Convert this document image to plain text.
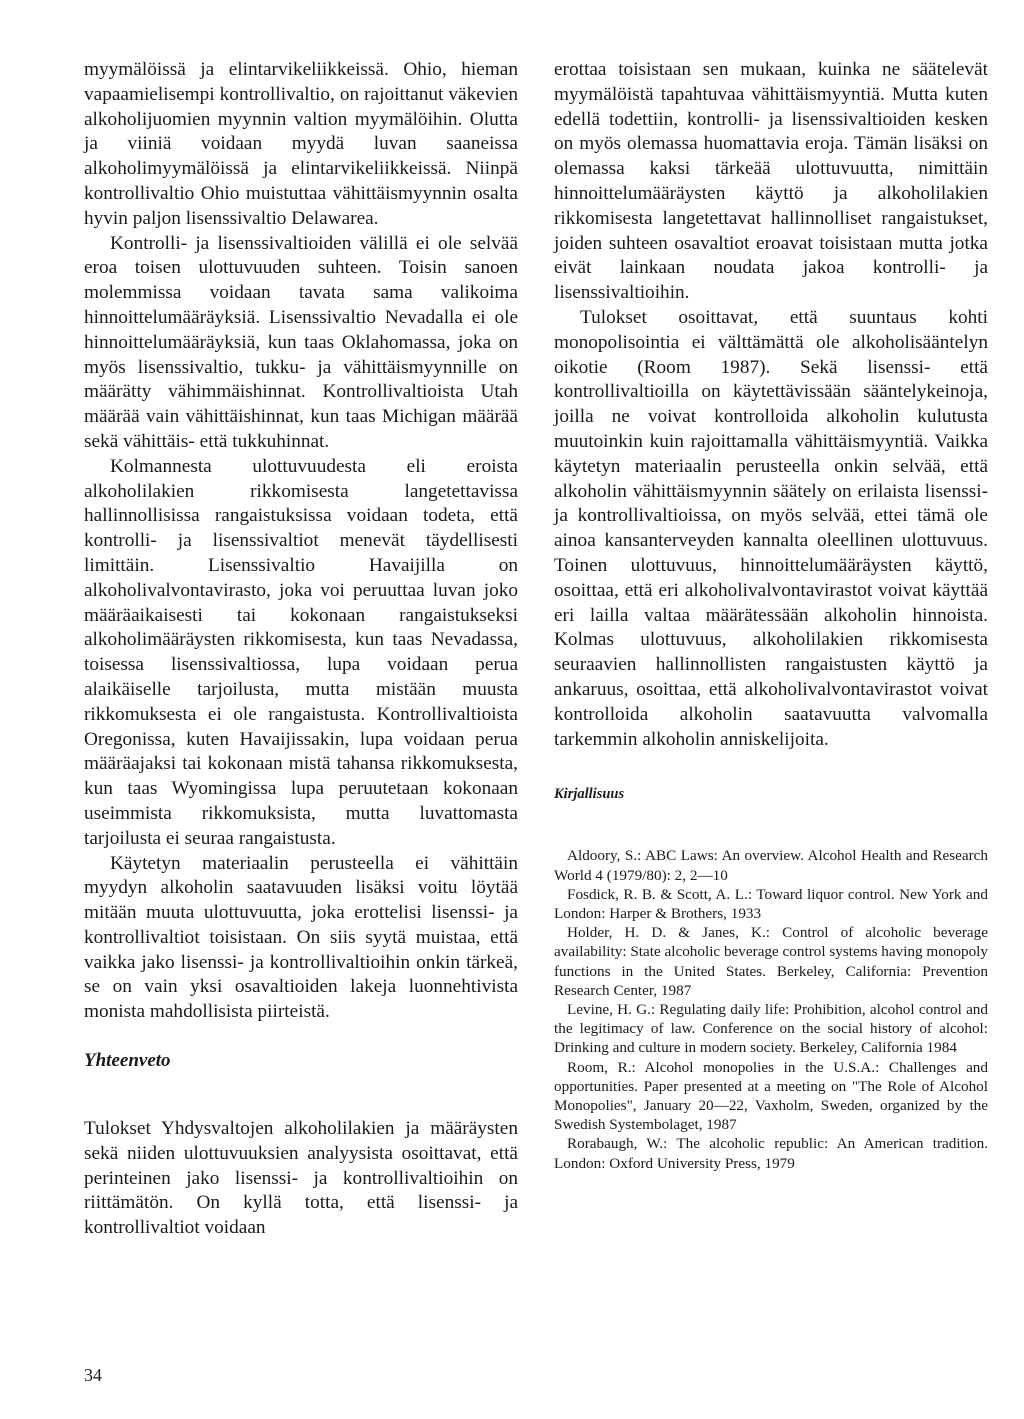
myymälöissä ja elintarvikeliikkeissä. Ohio, hieman vapaamielisempi kontrollivaltio, on rajoittanut väkevien alkoholijuomien myynnin valtion myymälöihin. Olutta ja viiniä voidaan myydä luvan saaneissa alkoholimyymälöissä ja elintarvikeliikkeissä. Niinpä kontrollivaltio Ohio muistuttaa vähittäismyynnin osalta hyvin paljon lisenssivaltio Delawarea.

Kontrolli- ja lisenssivaltioiden välillä ei ole selvää eroa toisen ulottuvuuden suhteen. Toisin sanoen molemmissa voidaan tavata sama valikoima hinnoittelumääräyksiä. Lisenssivaltio Nevadalla ei ole hinnoittelumääräyksiä, kun taas Oklahomassa, joka on myös lisenssivaltio, tukku- ja vähittäismyynnille on määrätty vähimmäishinnat. Kontrollivaltioista Utah määrää vain vähittäishinnat, kun taas Michigan määrää sekä vähittäis- että tukkuhinnat.

Kolmannesta ulottuvuudesta eli eroista alkoholilakien rikkomisesta langetettavissa hallinnollisissa rangaistuksissa voidaan todeta, että kontrolli- ja lisenssivaltiot menevät täydellisesti limittäin. Lisenssivaltio Havaijilla on alkoholivalvontavirasto, joka voi peruuttaa luvan joko määräaikaisesti tai kokonaan rangaistukseksi alkoholimääräysten rikkomisesta, kun taas Nevadassa, toisessa lisenssivaltiossa, lupa voidaan perua alaikäiselle tarjoilusta, mutta mistään muusta rikkomuksesta ei ole rangaistusta. Kontrollivaltioista Oregonissa, kuten Havaijissakin, lupa voidaan perua määräajaksi tai kokonaan mistä tahansa rikkomuksesta, kun taas Wyomingissa lupa peruutetaan kokonaan useimmista rikkomuksista, mutta luvattomasta tarjoilusta ei seuraa rangaistusta.

Käytetyn materiaalin perusteella ei vähittäin myydyn alkoholin saatavuuden lisäksi voitu löytää mitään muuta ulottuvuutta, joka erottelisi lisenssi- ja kontrollivaltiot toisistaan. On siis syytä muistaa, että vaikka jako lisenssi- ja kontrollivaltioihin onkin tärkeä, se on vain yksi osavaltioiden lakeja luonnehtivista monista mahdollisista piirteistä.

Yhteenveto

Tulokset Yhdysvaltojen alkoholilakien ja määräysten sekä niiden ulottuvuuksien analyysista osoittavat, että perinteinen jako lisenssi- ja kontrollivaltioihin on riittämätön. On kyllä totta, että lisenssi- ja kontrollivaltiot voidaan

erottaa toisistaan sen mukaan, kuinka ne säätelevät myymälöistä tapahtuvaa vähittäismyyntiä. Mutta kuten edellä todettiin, kontrolli- ja lisenssivaltioiden kesken on myös olemassa huomattavia eroja. Tämän lisäksi on olemassa kaksi tärkeää ulottuvuutta, nimittäin hinnoittelumääräysten käyttö ja alkoholilakien rikkomisesta langetettavat hallinnolliset rangaistukset, joiden suhteen osavaltiot eroavat toisistaan mutta jotka eivät lainkaan noudata jakoa kontrolli- ja lisenssivaltioihin.

Tulokset osoittavat, että suuntaus kohti monopolisointia ei välttämättä ole alkoholisääntelyn oikotie (Room 1987). Sekä lisenssi- että kontrollivaltioilla on käytettävissään sääntelykeinoja, joilla ne voivat kontrolloida alkoholin kulutusta muutoinkin kuin rajoittamalla vähittäismyyntiä. Vaikka käytetyn materiaalin perusteella onkin selvää, että alkoholin vähittäismyynnin säätely on erilaista lisenssi- ja kontrollivaltioissa, on myös selvää, ettei tämä ole ainoa kansanterveyden kannalta oleellinen ulottuvuus. Toinen ulottuvuus, hinnoittelumääräysten käyttö, osoittaa, että eri alkoholivalvontavirastot voivat käyttää eri lailla valtaa määrätessään alkoholin hinnoista. Kolmas ulottuvuus, alkoholilakien rikkomisesta seuraavien hallinnollisten rangaistusten käyttö ja ankaruus, osoittaa, että alkoholivalvontavirastot voivat kontrolloida alkoholin saatavuutta valvomalla tarkemmin alkoholin anniskelijoita.

Kirjallisuus

Aldoory, S.: ABC Laws: An overview. Alcohol Health and Research World 4 (1979/80): 2, 2—10

Fosdick, R. B. & Scott, A. L.: Toward liquor control. New York and London: Harper & Brothers, 1933

Holder, H. D. & Janes, K.: Control of alcoholic beverage availability: State alcoholic beverage control systems having monopoly functions in the United States. Berkeley, California: Prevention Research Center, 1987

Levine, H. G.: Regulating daily life: Prohibition, alcohol control and the legitimacy of law. Conference on the social history of alcohol: Drinking and culture in modern society. Berkeley, California 1984

Room, R.: Alcohol monopolies in the U.S.A.: Challenges and opportunities. Paper presented at a meeting on "The Role of Alcohol Monopolies", January 20—22, Vaxholm, Sweden, organized by the Swedish Systembolaget, 1987

Rorabaugh, W.: The alcoholic republic: An American tradition. London: Oxford University Press, 1979

34
